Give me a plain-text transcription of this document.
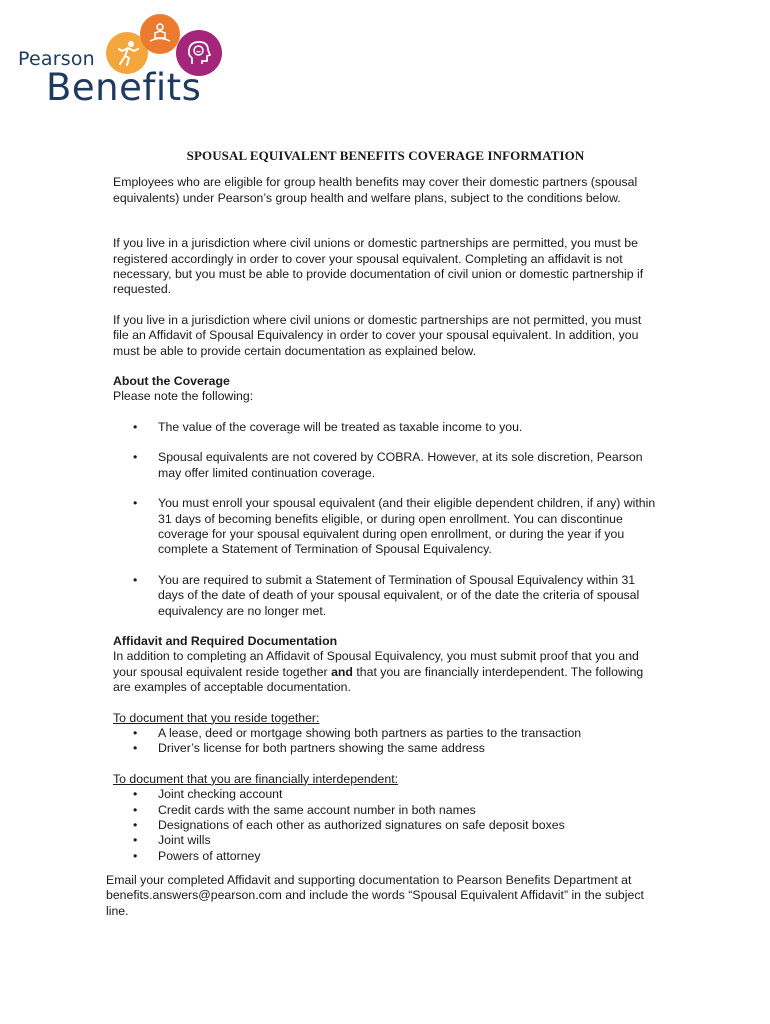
Pearson
Benefits
SPOUSAL EQUIVALENT BENEFITS COVERAGE INFORMATION

Employees who are eligible for group health benefits may cover their domestic partners (spousal equivalents) under Pearson’s group health and welfare plans, subject to the conditions below.

If you live in a jurisdiction where civil unions or domestic partnerships are permitted, you must be registered accordingly in order to cover your spousal equivalent. Completing an affidavit is not necessary, but you must be able to provide documentation of civil union or domestic partnership if requested.

If you live in a jurisdiction where civil unions or domestic partnerships are not permitted, you must file an Affidavit of Spousal Equivalency in order to cover your spousal equivalent. In addition, you must be able to provide certain documentation as explained below.

About the Coverage

Please note the following:

• The value of the coverage will be treated as taxable income to you.
• Spousal equivalents are not covered by COBRA. However, at its sole discretion, Pearson may offer limited continuation coverage.
• You must enroll your spousal equivalent (and their eligible dependent children, if any) within 31 days of becoming benefits eligible, or during open enrollment. You can discontinue coverage for your spousal equivalent during open enrollment, or during the year if you complete a Statement of Termination of Spousal Equivalency.
• You are required to submit a Statement of Termination of Spousal Equivalency within 31 days of the date of death of your spousal equivalent, or of the date the criteria of spousal equivalency are no longer met.

Affidavit and Required Documentation

In addition to completing an Affidavit of Spousal Equivalency, you must submit proof that you and your spousal equivalent reside together and that you are financially interdependent. The following are examples of acceptable documentation.

To document that you reside together:

• A lease, deed or mortgage showing both partners as parties to the transaction
• Driver’s license for both partners showing the same address

To document that you are financially interdependent:

• Joint checking account
• Credit cards with the same account number in both names
• Designations of each other as authorized signatures on safe deposit boxes
• Joint wills
• Powers of attorney

Email your completed Affidavit and supporting documentation to Pearson Benefits Department at benefits.answers@pearson.com and include the words “Spousal Equivalent Affidavit” in the subject line.
